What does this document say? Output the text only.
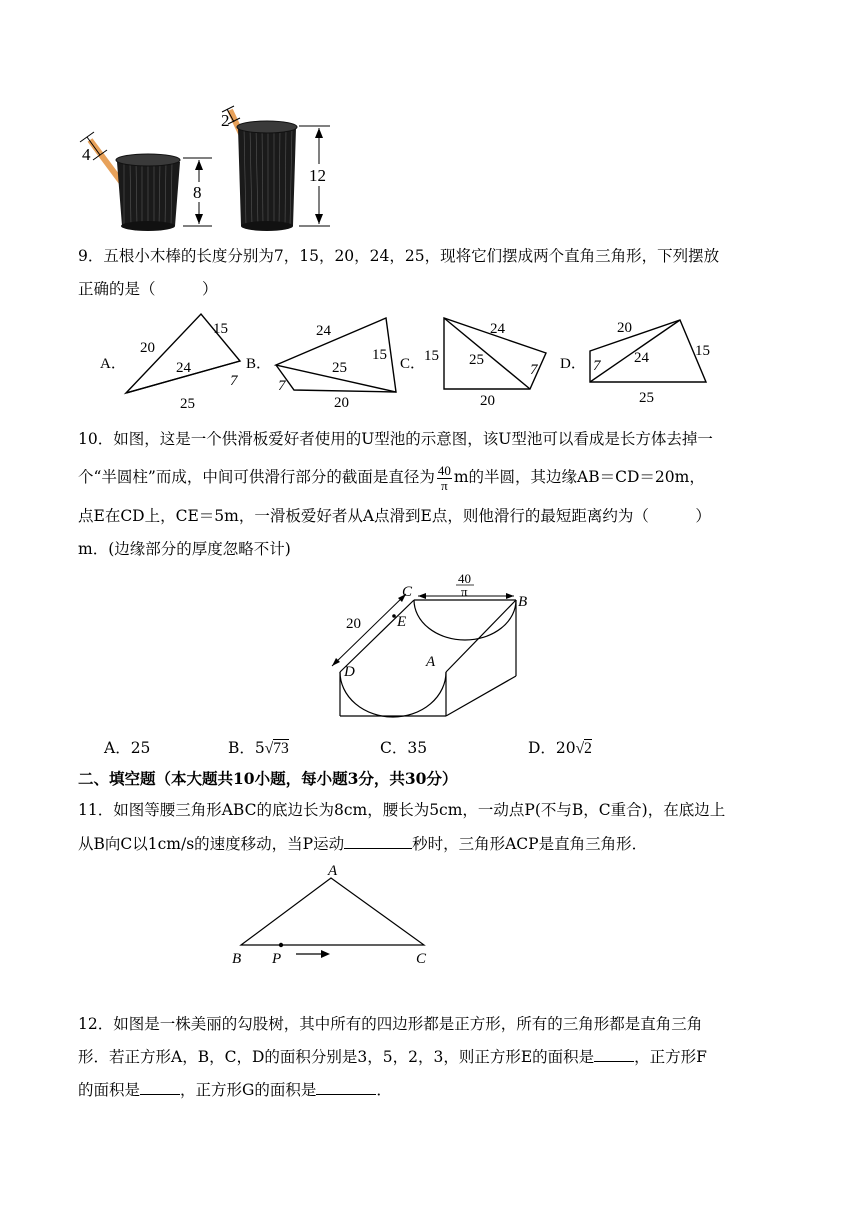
4
8
2
12
9．五根小木棒的长度分别为7，15，20，24，25，现将它们摆成两个直角三角形，下列摆放
正确的是（　　　）
A．
20
15
24
7
25
B．
24
15
25
7
20
C．
24
15 25
7
20
D．
20
24	15
7
25
10．如图，这是一个供滑板爱好者使用的U型池的示意图，该U型池可以看成是长方体去掉一
个“半圆柱”而成，中间可供滑行部分的截面是直径为 $\frac{40}{\pi}$ m的半圆，其边缘AB＝CD＝20m，
点E在CD上，CE＝5m，一滑板爱好者从A点滑到E点，则他滑行的最短距离约为（　　　）
m．(边缘部分的厚度忽略不计)
20
40
π
C
B
E
D
A
A．25	B．5√73	C．35	D．20√2
二、填空题（本大题共10小题，每小题3分，共30分）
11．如图等腰三角形ABC的底边长为8cm，腰长为5cm，一动点P(不与B，C重合)，在底边上
从B向C以1cm/s的速度移动，当P运动	秒时，三角形ACP是直角三角形．
A
B P	C
12．如图是一株美丽的勾股树，其中所有的四边形都是正方形，所有的三角形都是直角三角
形．若正方形A，B，C，D的面积分别是3，5，2，3，则正方形E的面积是	，正方形F
的面积是	，正方形G的面积是	．
